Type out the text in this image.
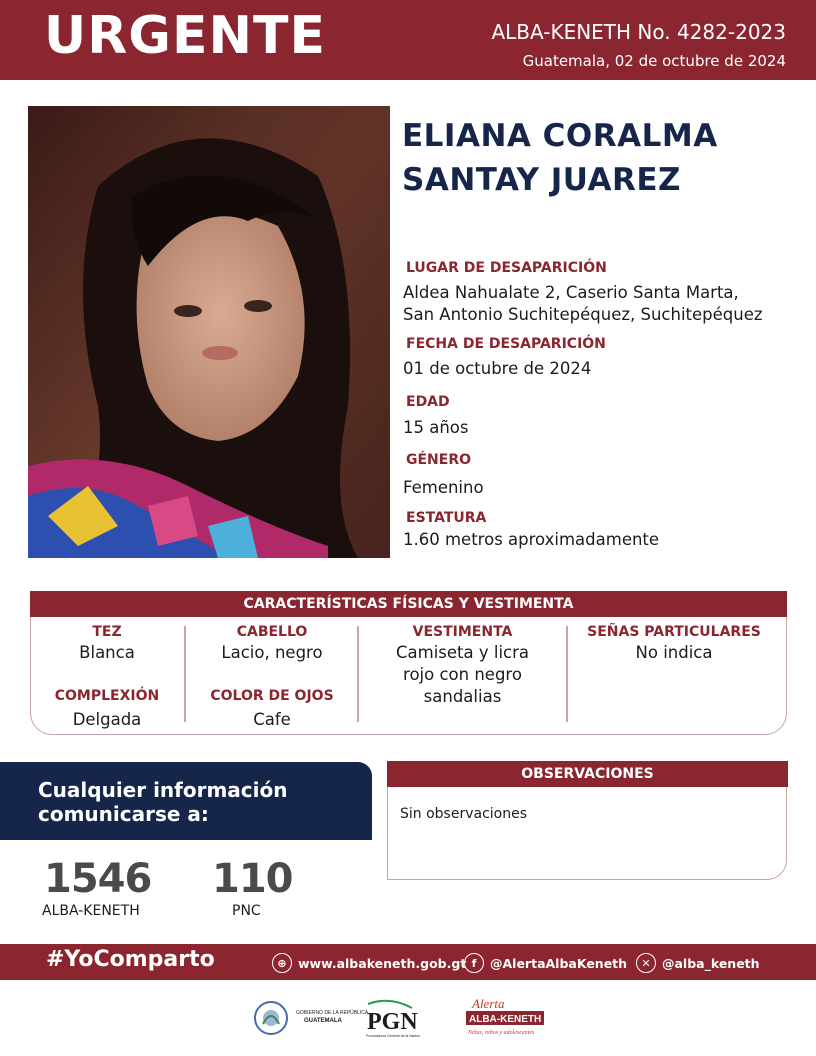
URGENTE	ALBA-KENETH No. 4282-2023
Guatemala, 02 de octubre de 2024
ELIANA CORALMA
SANTAY JUAREZ
LUGAR DE DESAPARICIÓN
Aldea Nahualate 2, Caserio Santa Marta,
San Antonio Suchitepéquez, Suchitepéquez
FECHA DE DESAPARICIÓN
01 de octubre de 2024
EDAD
15 años
GÉNERO
Femenino
ESTATURA
1.60 metros aproximadamente
CARACTERÍSTICAS FÍSICAS Y VESTIMENTA
TEZ
Blanca
COMPLEXIÓN
Delgada
CABELLO
Lacio, negro
COLOR DE OJOS
Cafe
VESTIMENTA
Camiseta y licra
rojo con negro
sandalias
SEÑAS PARTICULARES
No indica
Cualquier información
comunicarse a:
1546
ALBA-KENETH
110
PNC
OBSERVACIONES
Sin observaciones
#YoComparto	⊕ www.albakeneth.gob.gt f	@AlertaAlbaKeneth	✕ @alba_keneth
GOBIERNO DE LA REPÚBLICA
GUATEMALA PGN
Procuraduría General de la Nación
Alerta
ALBA-KENETH
Niñas, niños y adolescentes
